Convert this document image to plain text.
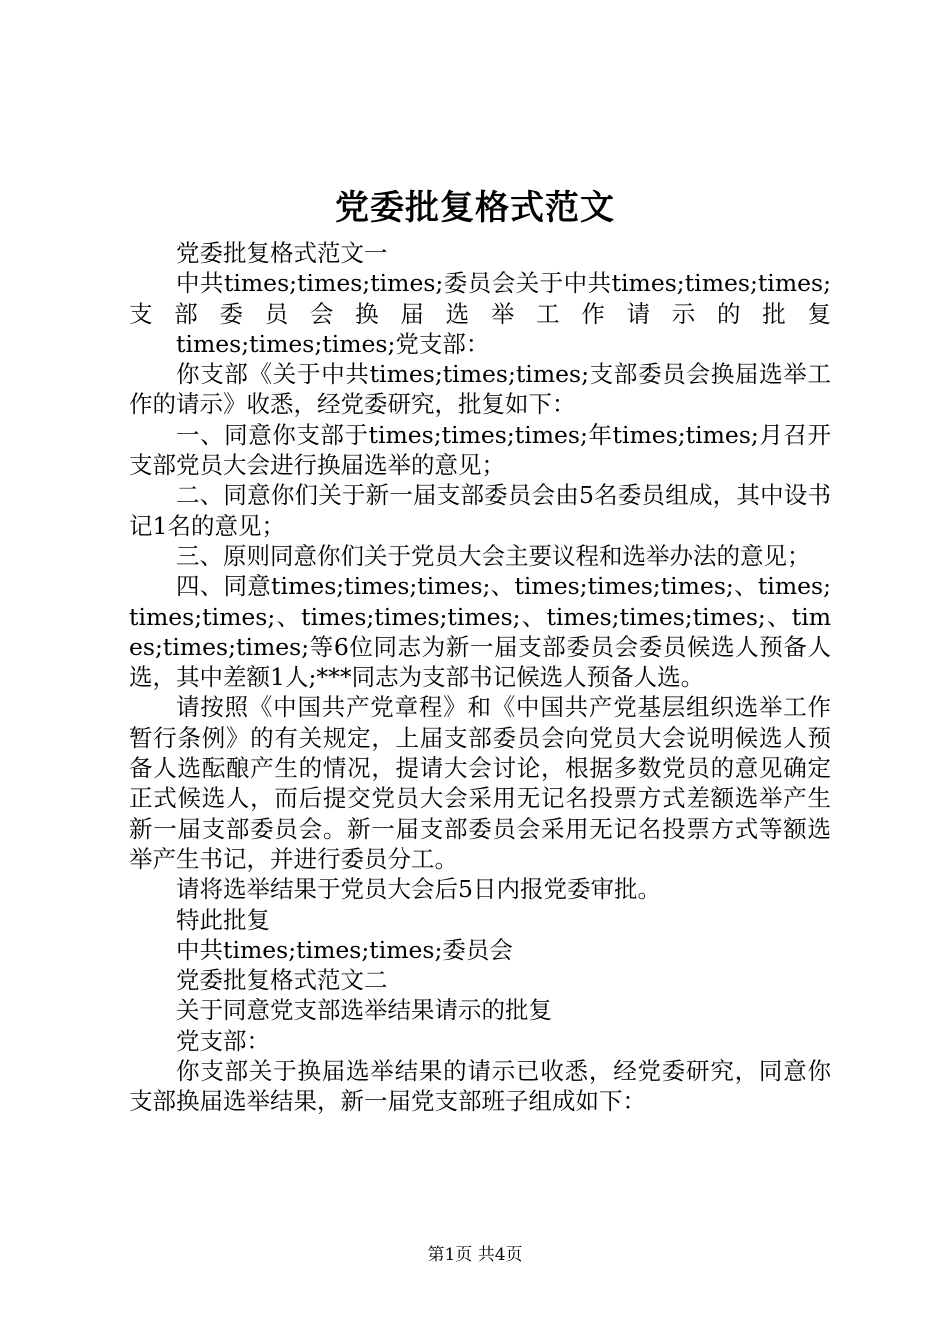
党委批复格式范文

党委批复格式范文一

中共times;times;times;委员会关于中共times;times;times;支部委员会换届选举工作请示的批复

times;times;times;党支部：

你支部《关于中共times;times;times;支部委员会换届选举工作的请示》收悉，经党委研究，批复如下：

一、同意你支部于times;times;times;年times;times;月召开支部党员大会进行换届选举的意见；

二、同意你们关于新一届支部委员会由5名委员组成，其中设书记1名的意见；

三、原则同意你们关于党员大会主要议程和选举办法的意见；

四、同意times;times;times;、times;times;times;、times;times;times;、times;times;times;、times;times;times;、times;times;times;等6位同志为新一届支部委员会委员候选人预备人选，其中差额1人;***同志为支部书记候选人预备人选。

请按照《中国共产党章程》和《中国共产党基层组织选举工作暂行条例》的有关规定，上届支部委员会向党员大会说明候选人预备人选酝酿产生的情况，提请大会讨论，根据多数党员的意见确定正式候选人，而后提交党员大会采用无记名投票方式差额选举产生新一届支部委员会。新一届支部委员会采用无记名投票方式等额选举产生书记，并进行委员分工。

请将选举结果于党员大会后5日内报党委审批。

特此批复

中共times;times;times;委员会

党委批复格式范文二

关于同意党支部选举结果请示的批复

党支部：

你支部关于换届选举结果的请示已收悉，经党委研究，同意你支部换届选举结果，新一届党支部班子组成如下：

第1页 共4页
